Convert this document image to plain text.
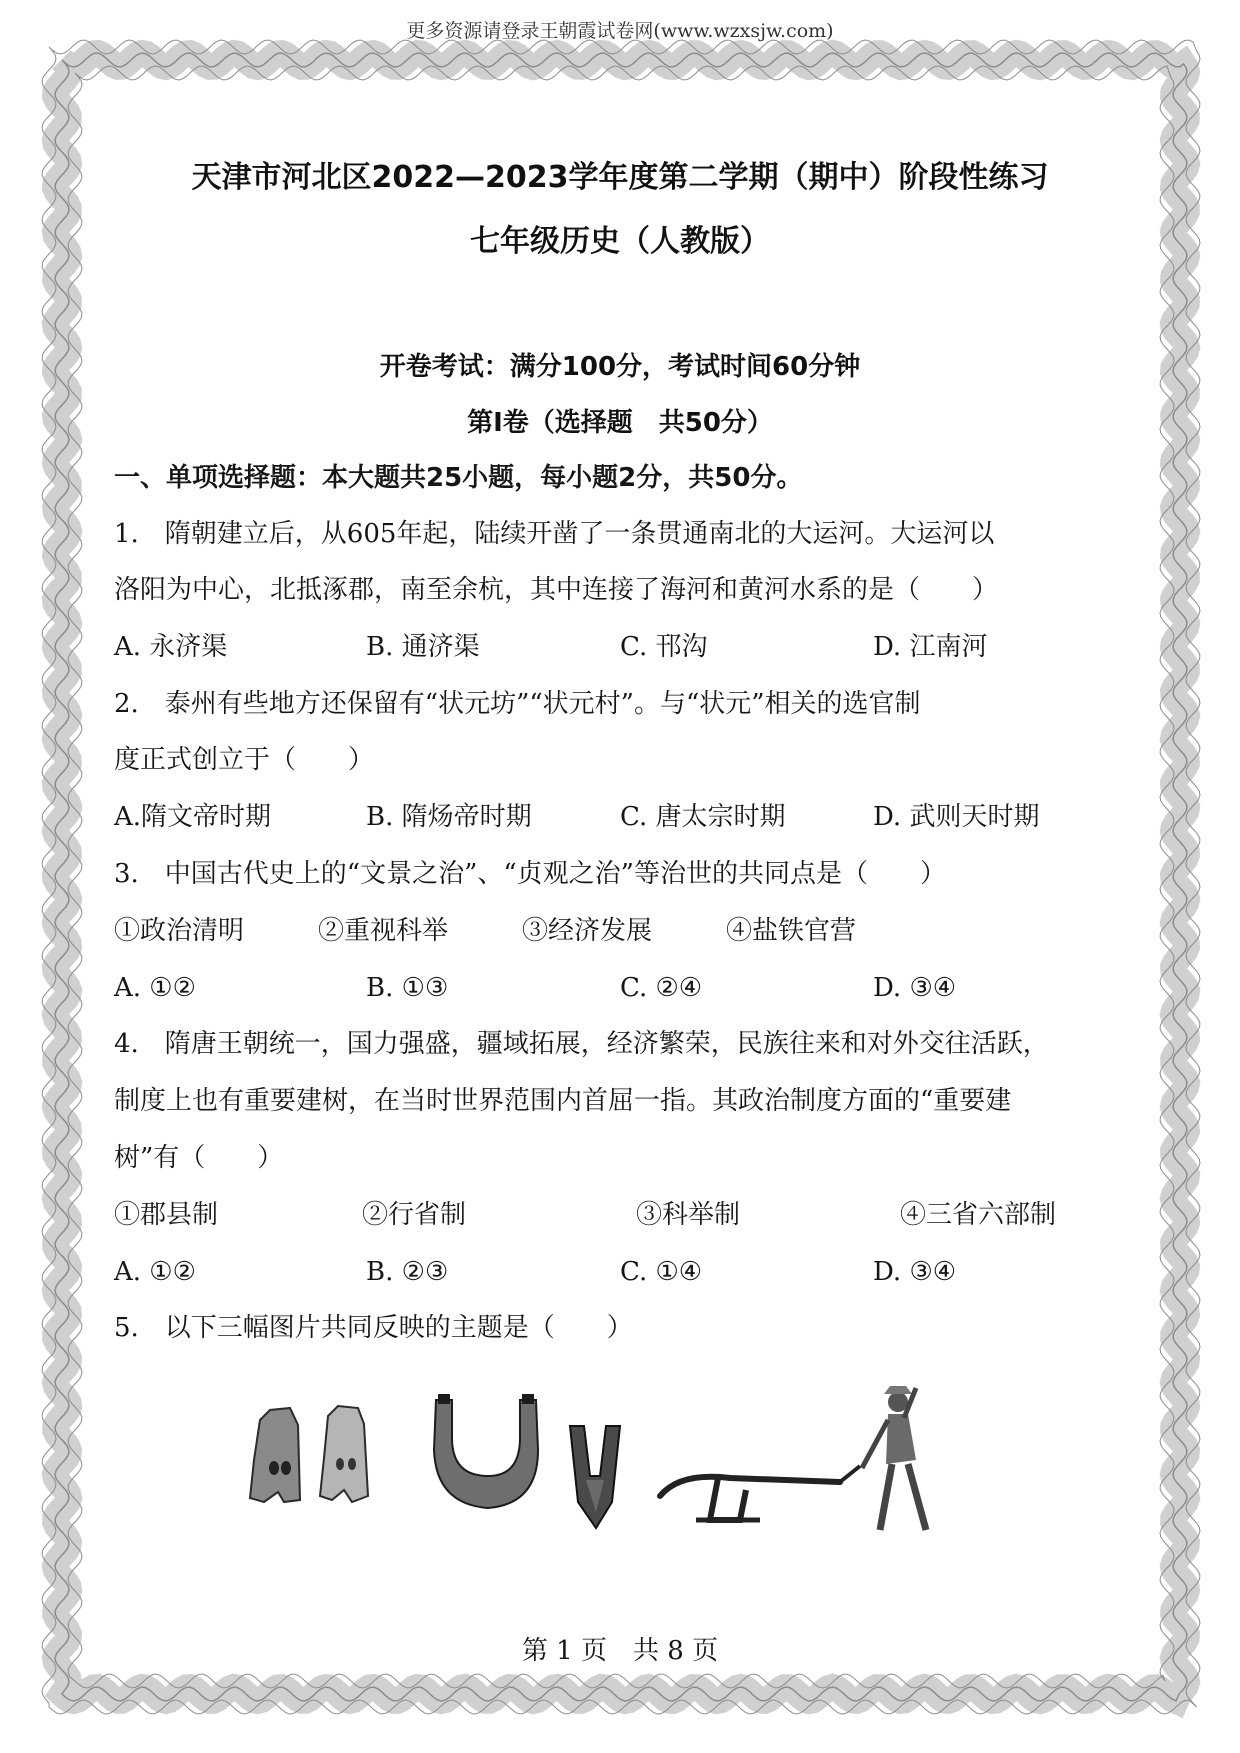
更多资源请登录王朝霞试卷网(www.wzxsjw.com)
天津市河北区2022—2023学年度第二学期（期中）阶段性练习
七年级历史（人教版）
开卷考试：满分100分，考试时间60分钟
第Ⅰ卷（选择题　共50分）
一、单项选择题：本大题共25小题，每小题2分，共50分。
1.　隋朝建立后，从605年起，陆续开凿了一条贯通南北的大运河。大运河以
洛阳为中心，北抵涿郡，南至余杭，其中连接了海河和黄河水系的是（　　）
A. 永济渠	B. 通济渠	C. 邗沟	D. 江南河
2.　泰州有些地方还保留有“状元坊”“状元村”。与“状元”相关的选官制
度正式创立于（　　）
A.隋文帝时期	B. 隋炀帝时期	C. 唐太宗时期	D. 武则天时期
3.　中国古代史上的“文景之治”、“贞观之治”等治世的共同点是（　　）
①政治清明	②重视科举	③经济发展	④盐铁官营
A. ①②	B. ①③	C. ②④	D. ③④
4.　隋唐王朝统一，国力强盛，疆域拓展，经济繁荣，民族往来和对外交往活跃，
制度上也有重要建树，在当时世界范围内首屈一指。其政治制度方面的“重要建
树”有（　　）
①郡县制	②行省制	③科举制	④三省六部制
A. ①②	B. ②③	C. ①④	D. ③④
5.　以下三幅图片共同反映的主题是（　　）
第 1 页　共 8 页
